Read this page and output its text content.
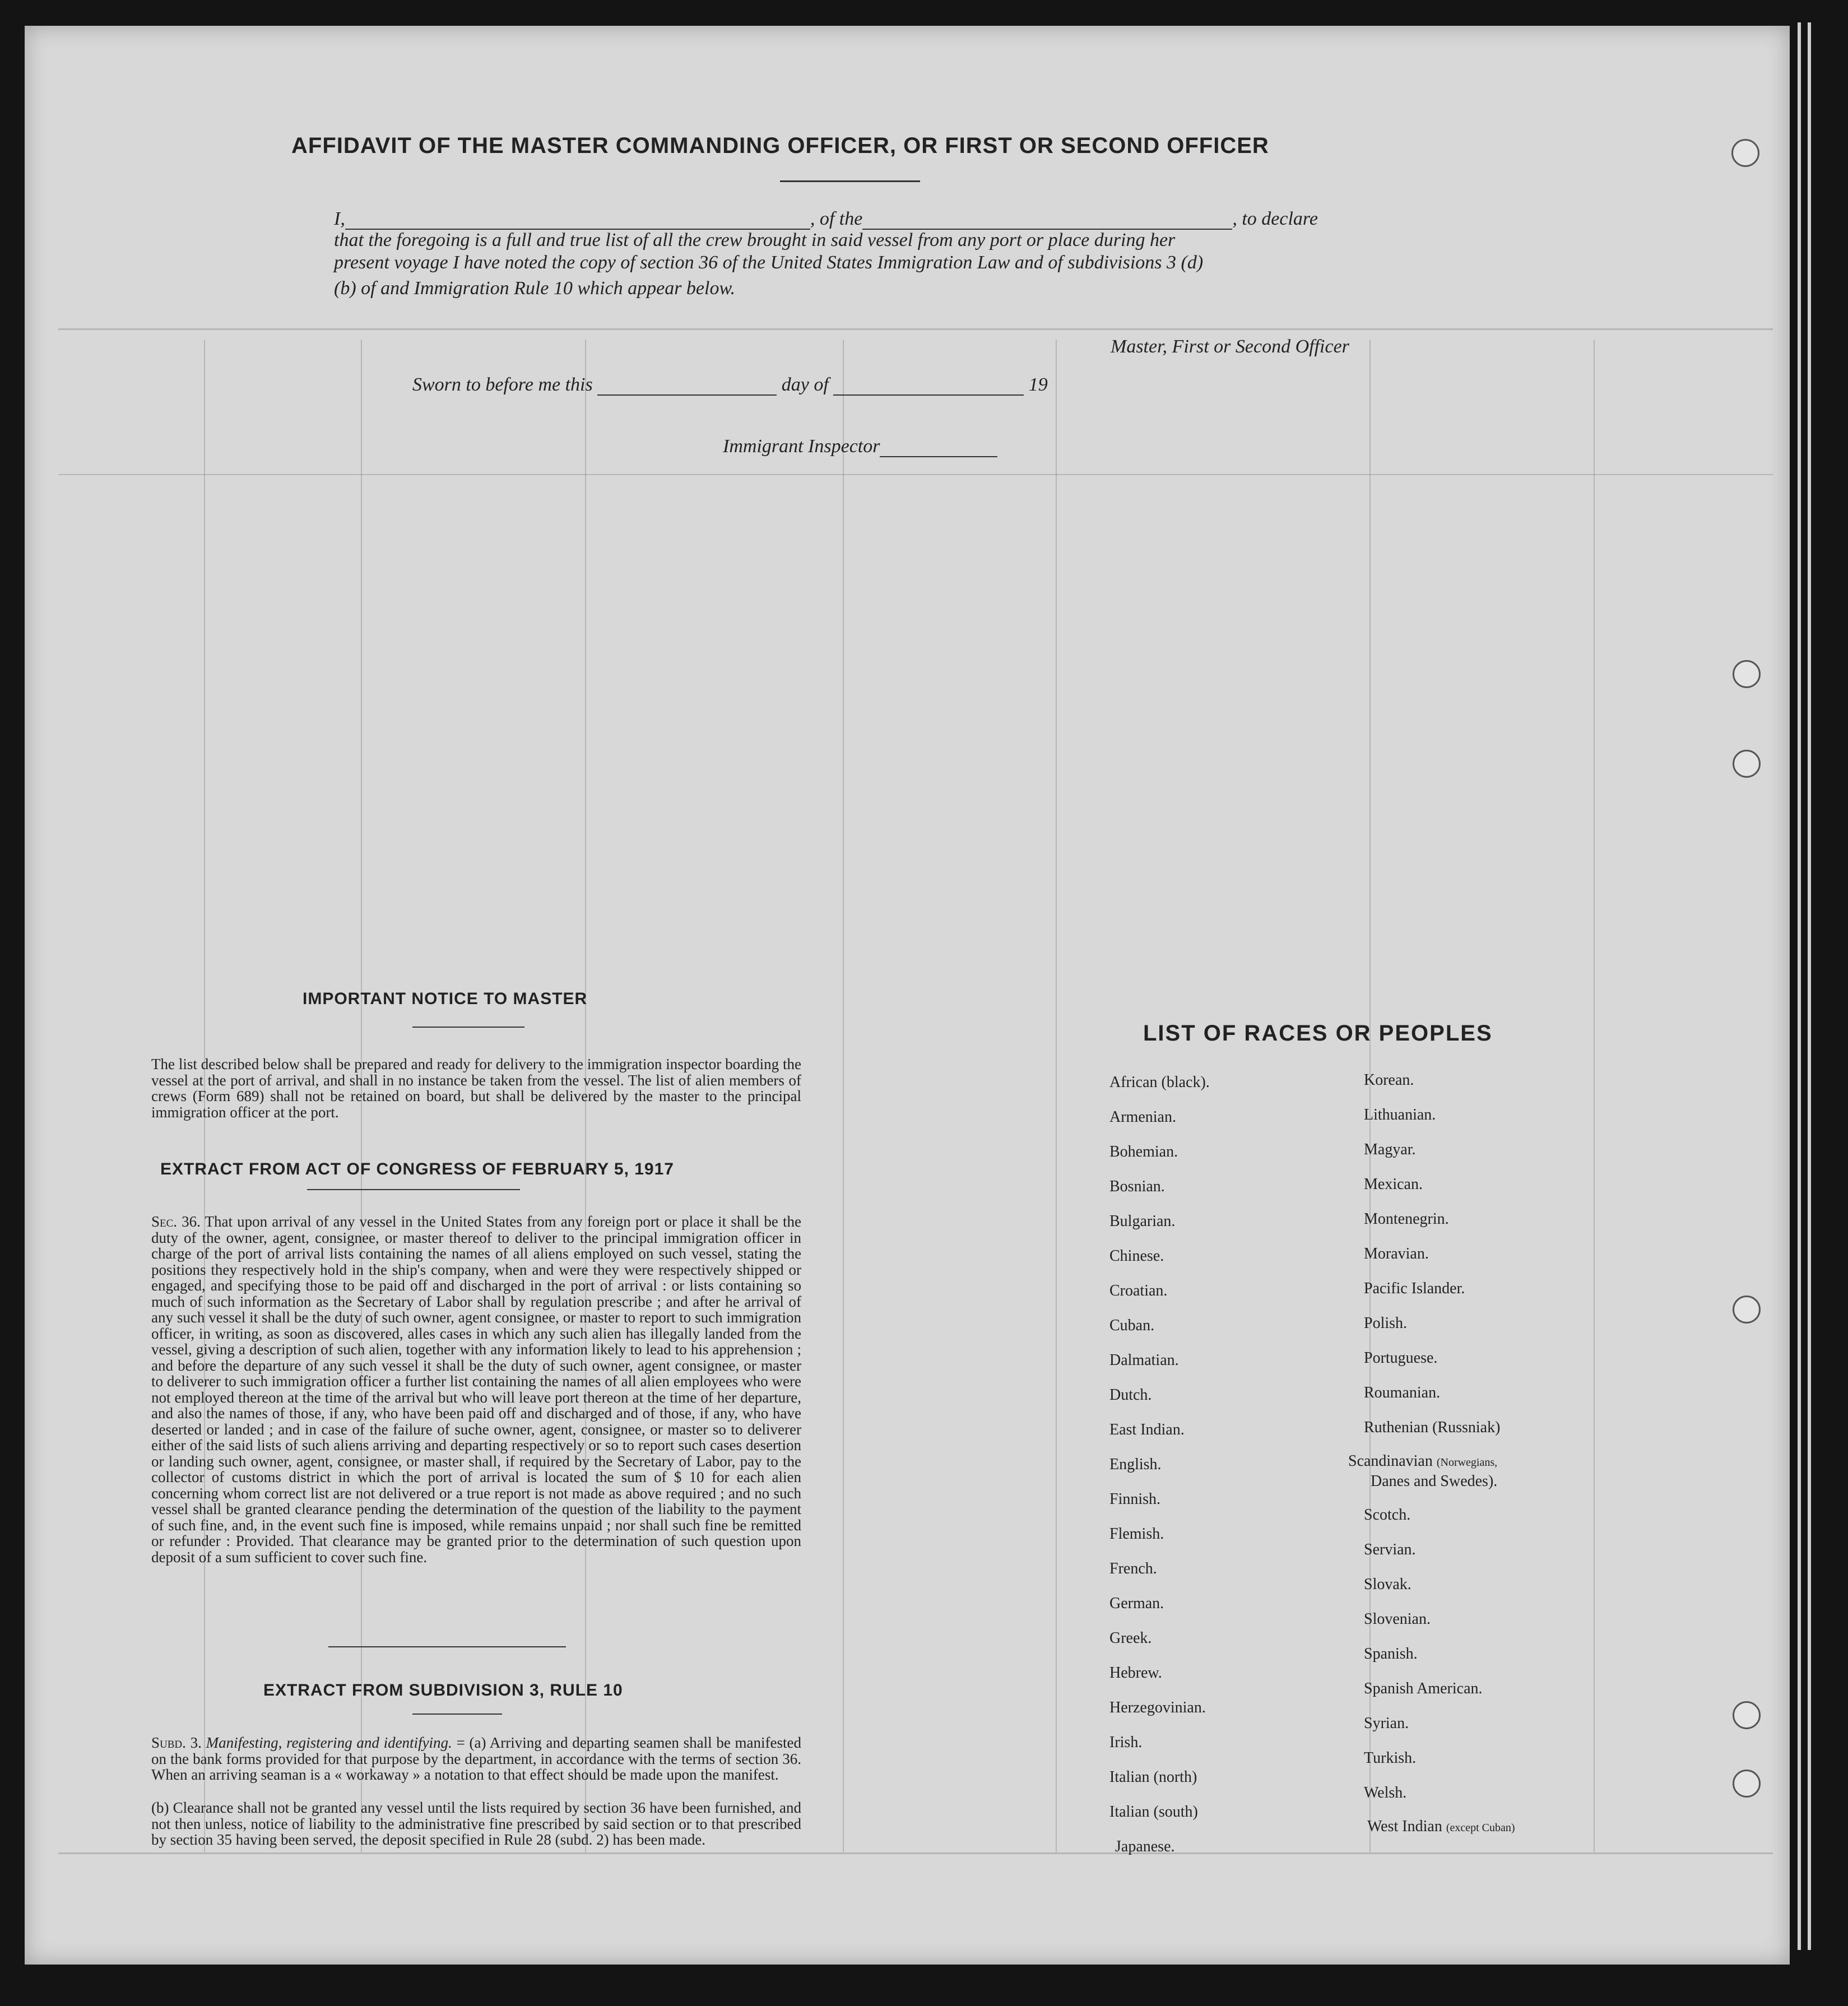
AFFIDAVIT OF THE MASTER COMMANDING OFFICER, OR FIRST OR SECOND OFFICER
I,	, of the	, to declare
that the foregoing is a full and true list of all the crew brought in said vessel from any port or place during her
present voyage I have noted the copy of section 36 of the United States Immigration Law and of subdivisions 3 (d)
(b) of and Immigration Rule 10 which appear below.
Master, First or Second Officer
Sworn to before me this	day of	19
Immigrant Inspector
IMPORTANT NOTICE TO MASTER
The list described below shall be prepared and ready for delivery to the immigration inspector boarding the vessel at the port of arrival, and shall in no instance be taken from the vessel. The list of alien members of crews (Form 689) shall not be retained on board, but shall be delivered by the master to the principal immigration officer at the port.
EXTRACT FROM ACT OF CONGRESS OF FEBRUARY 5, 1917
Sec. 36. That upon arrival of any vessel in the United States from any foreign port or place it shall be the duty of the owner, agent, consignee, or master thereof to deliver to the principal immigration officer in charge of the port of arrival lists containing the names of all aliens employed on such vessel, stating the positions they respectively hold in the ship's company, when and were they were respectively shipped or engaged, and specifying those to be paid off and discharged in the port of arrival : or lists containing so much of such information as the Secretary of Labor shall by regulation prescribe ; and after he arrival of any such vessel it shall be the duty of such owner, agent consignee, or master to report to such immigration officer, in writing, as soon as discovered, alles cases in which any such alien has illegally landed from the vessel, giving a description of such alien, together with any information likely to lead to his apprehension ; and before the departure of any such vessel it shall be the duty of such owner, agent consignee, or master to deliverer to such immigration officer a further list containing the names of all alien employees who were not employed thereon at the time of the arrival but who will leave port thereon at the time of her departure, and also the names of those, if any, who have been paid off and discharged and of those, if any, who have deserted or landed ; and in case of the failure of suche owner, agent, consignee, or master so to deliverer either of the said lists of such aliens arriving and departing respectively or so to report such cases desertion or landing such owner, agent, consignee, or master shall, if required by the Secretary of Labor, pay to the collector of customs district in which the port of arrival is located the sum of $ 10 for each alien concerning whom correct list are not delivered or a true report is not made as above required ; and no such vessel shall be granted clearance pending the determination of the question of the liability to the payment of such fine, and, in the event such fine is imposed, while remains unpaid ; nor shall such fine be remitted or refunder : Provided. That clearance may be granted prior to the determination of such question upon deposit of a sum sufficient to cover such fine.
EXTRACT FROM SUBDIVISION 3, RULE 10
Subd. 3. Manifesting, registering and identifying. = (a) Arriving and departing seamen shall be manifested on the bank forms provided for that purpose by the department, in accordance with the terms of section 36. When an arriving seaman is a « workaway » a notation to that effect should be made upon the manifest.
(b) Clearance shall not be granted any vessel until the lists required by section 36 have been furnished, and not then unless, notice of liability to the administrative fine prescribed by said section or to that prescribed by section 35 having been served, the deposit specified in Rule 28 (subd. 2) has been made.
LIST OF RACES OR PEOPLES
African (black).
Armenian.
Bohemian.
Bosnian.
Bulgarian.
Chinese.
Croatian.
Cuban.
Dalmatian.
Dutch.
East Indian.
English.
Finnish.
Flemish.
French.
German.
Greek.
Hebrew.
Herzegovinian.
Irish.
Italian (north)
Italian (south)
Japanese.
Korean.
Lithuanian.
Magyar.
Mexican.
Montenegrin.
Moravian.
Pacific Islander.
Polish.
Portuguese.
Roumanian.
Ruthenian (Russniak)
Scandinavian (Norwegians,
Danes and Swedes).
Scotch.
Servian.
Slovak.
Slovenian.
Spanish.
Spanish American.
Syrian.
Turkish.
Welsh.
West Indian (except Cuban)
